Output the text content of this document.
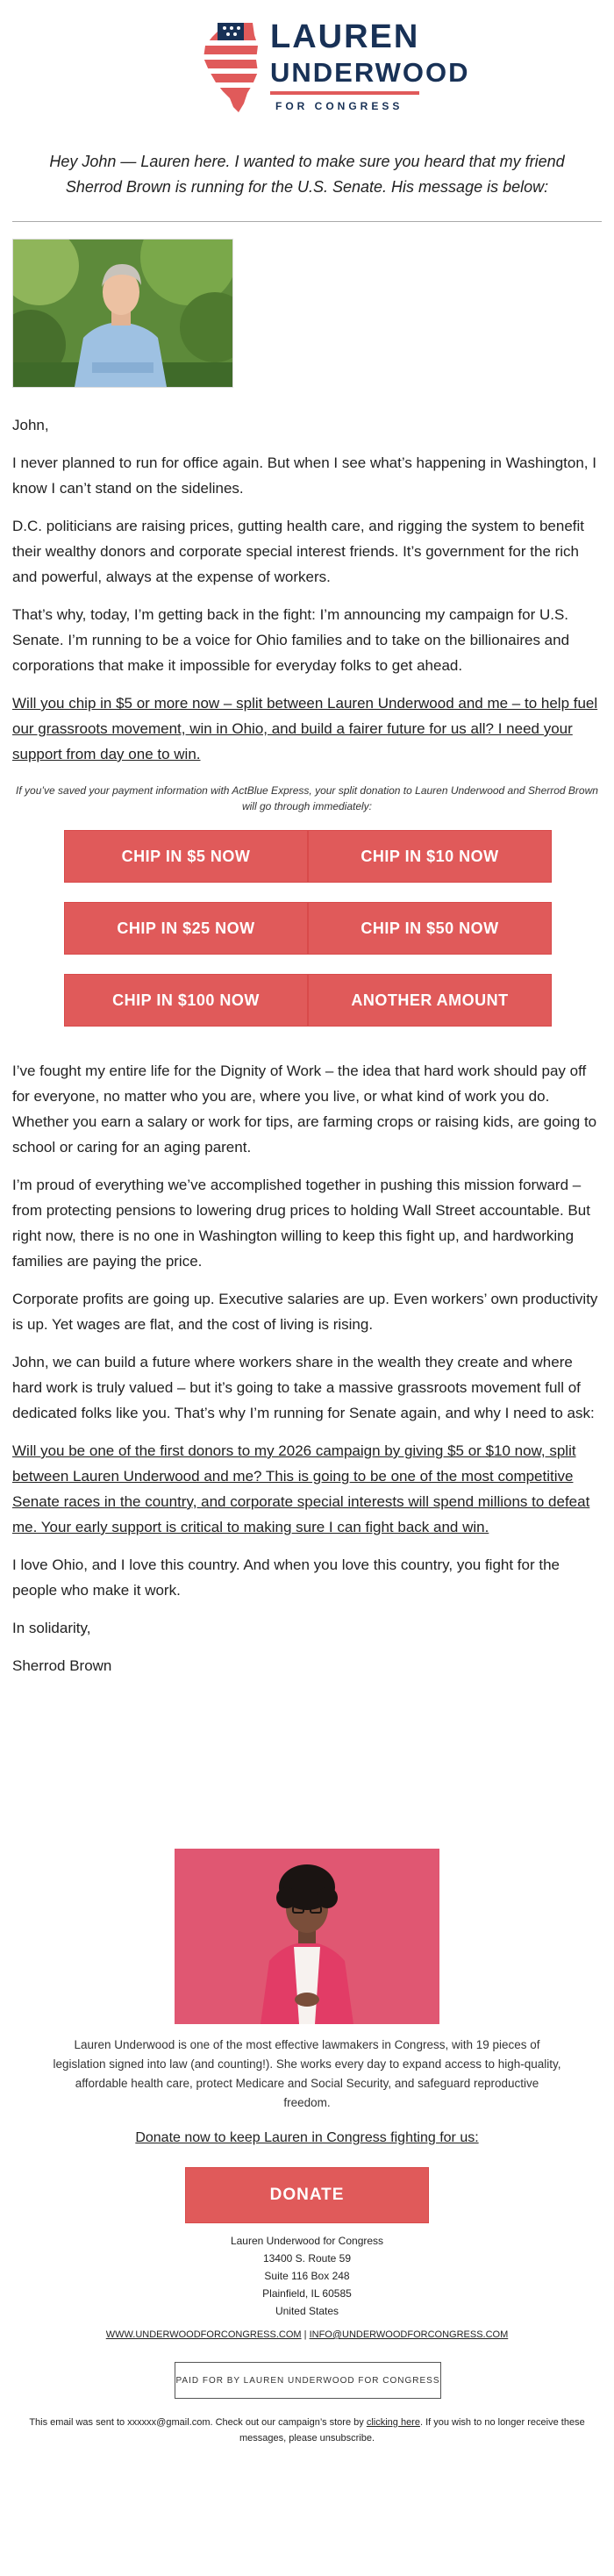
LAUREN
UNDERWOOD
FOR CONGRESS
Hey John — Lauren here. I wanted to make sure you heard that my friend Sherrod Brown is running for the U.S. Senate. His message is below:

John,

I never planned to run for office again. But when I see what’s happening in Washington, I know I can’t stand on the sidelines.

D.C. politicians are raising prices, gutting health care, and rigging the system to benefit their wealthy donors and corporate special interest friends. It’s government for the rich and powerful, always at the expense of workers.

That’s why, today, I’m getting back in the fight: I’m announcing my campaign for U.S. Senate. I’m running to be a voice for Ohio families and to take on the billionaires and corporations that make it impossible for everyday folks to get ahead.

Will you chip in $5 or more now – split between Lauren Underwood and me – to help fuel our grassroots movement, win in Ohio, and build a fairer future for us all? I need your support from day one to win.

If you’ve saved your payment information with ActBlue Express, your split donation to Lauren Underwood and Sherrod Brown will go through immediately:
CHIP IN $5 NOW	CHIP IN $10 NOW
CHIP IN $25 NOW	CHIP IN $50 NOW
CHIP IN $100 NOW	ANOTHER AMOUNT

I’ve fought my entire life for the Dignity of Work – the idea that hard work should pay off for everyone, no matter who you are, where you live, or what kind of work you do. Whether you earn a salary or work for tips, are farming crops or raising kids, are going to school or caring for an aging parent.

I’m proud of everything we’ve accomplished together in pushing this mission forward – from protecting pensions to lowering drug prices to holding Wall Street accountable. But right now, there is no one in Washington willing to keep this fight up, and hardworking families are paying the price.

Corporate profits are going up. Executive salaries are up. Even workers’ own productivity is up. Yet wages are flat, and the cost of living is rising.

John, we can build a future where workers share in the wealth they create and where hard work is truly valued – but it’s going to take a massive grassroots movement full of dedicated folks like you. That’s why I’m running for Senate again, and why I need to ask:

Will you be one of the first donors to my 2026 campaign by giving $5 or $10 now, split between Lauren Underwood and me? This is going to be one of the most competitive Senate races in the country, and corporate special interests will spend millions to defeat me. Your early support is critical to making sure I can fight back and win.

I love Ohio, and I love this country. And when you love this country, you fight for the people who make it work.

In solidarity,

Sherrod Brown

Lauren Underwood is one of the most effective lawmakers in Congress, with 19 pieces of legislation signed into law (and counting!). She works every day to expand access to high-quality, affordable health care, protect Medicare and Social Security, and safeguard reproductive freedom.
Donate now to keep Lauren in Congress fighting for us:
DONATE
Lauren Underwood for Congress
13400 S. Route 59
Suite 116 Box 248
Plainfield, IL 60585
United States
WWW.UNDERWOODFORCONGRESS.COM | INFO@UNDERWOODFORCONGRESS.COM
PAID FOR BY LAUREN UNDERWOOD FOR CONGRESS
This email was sent to xxxxxx@gmail.com. Check out our campaign’s store by clicking here. If you wish to no longer receive these messages, please unsubscribe.
